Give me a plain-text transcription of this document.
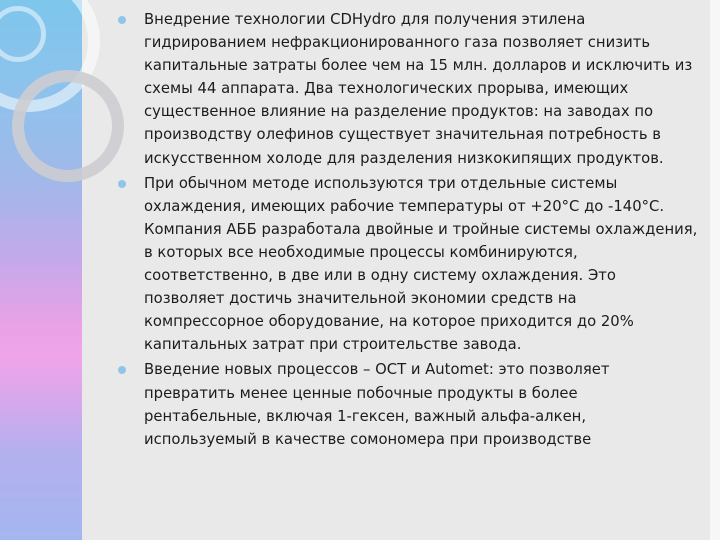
Внедрение технологии CDHydro для получения этилена гидрированием нефракционированного газа позволяет снизить капитальные затраты более чем на 15 млн. долларов и исключить из схемы 44 аппарата. Два технологических прорыва, имеющих существенное влияние на разделение продуктов: на заводах по производству олефинов существует значительная потребность в искусственном холоде для разделения низкокипящих продуктов.
При обычном методе используются три отдельные системы охлаждения, имеющих рабочие температуры от +20°С до -140°С. Компания АББ разработала двойные и тройные системы охлаждения, в которых все необходимые процессы комбинируются, соответственно, в две или в одну систему охлаждения. Это позволяет достичь значительной экономии средств на компрессорное оборудование, на которое приходится до 20% капитальных затрат при строительстве завода.
Введение новых процессов – OCT и Automet: это позволяет превратить менее ценные побочные продукты в более рентабельные, включая 1-гексен, важный альфа-алкен, используемый в качестве сомономера при производстве
